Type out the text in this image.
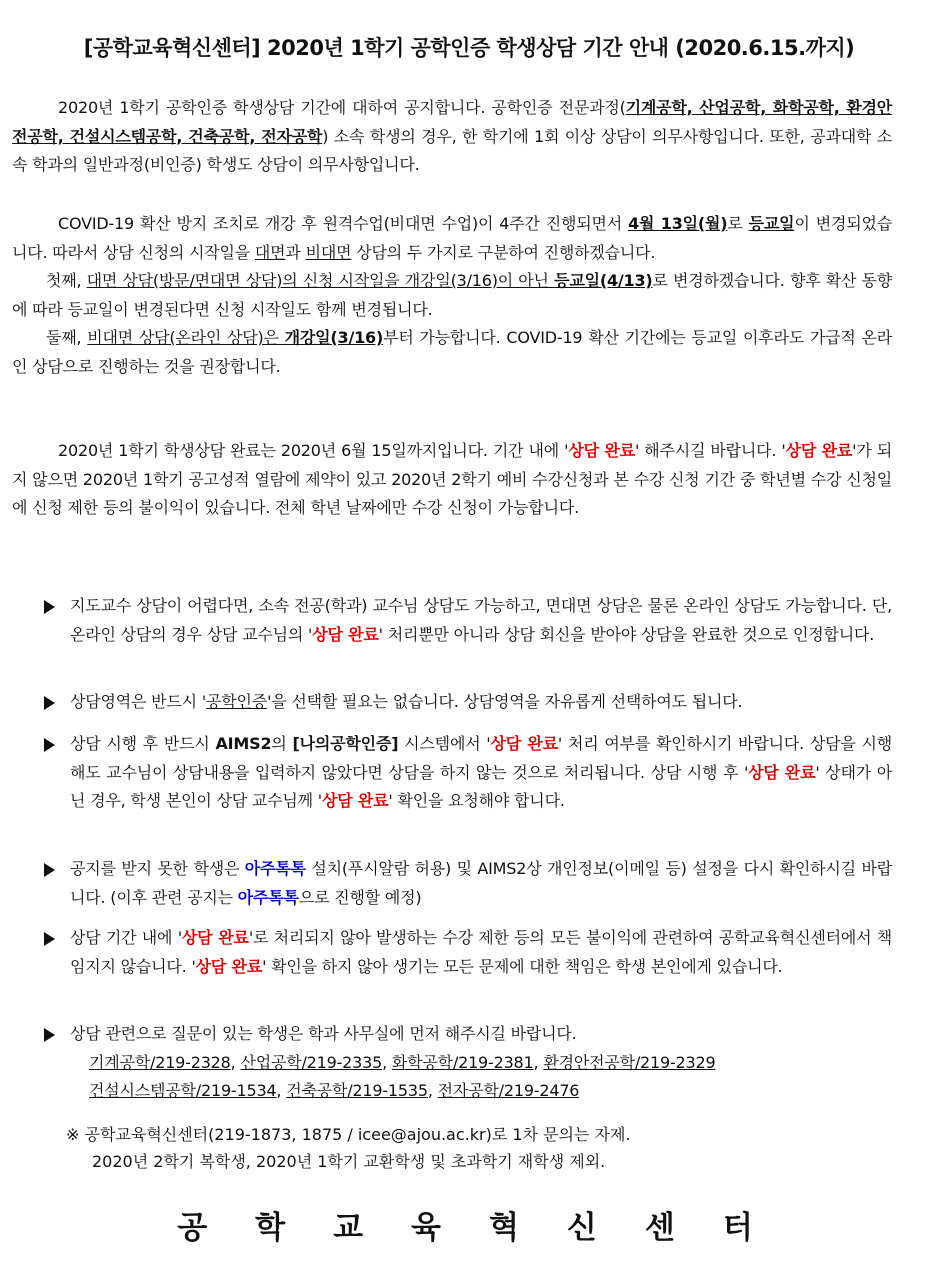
[공학교육혁신센터] 2020년 1학기 공학인증 학생상담 기간 안내 (2020.6.15.까지)

2020년 1학기 공학인증 학생상담 기간에 대하여 공지합니다. 공학인증 전문과정(기계공학, 산업공학, 화학공학, 환경안전공학, 건설시스템공학, 건축공학, 전자공학) 소속 학생의 경우, 한 학기에 1회 이상 상담이 의무사항입니다. 또한, 공과대학 소속 학과의 일반과정(비인증) 학생도 상담이 의무사항입니다.

COVID-19 확산 방지 조치로 개강 후 원격수업(비대면 수업)이 4주간 진행되면서 4월 13일(월)로 등교일이 변경되었습니다. 따라서 상담 신청의 시작일을 대면과 비대면 상담의 두 가지로 구분하여 진행하겠습니다.

첫째, 대면 상담(방문/면대면 상담)의 신청 시작일을 개강일(3/16)이 아닌 등교일(4/13)로 변경하겠습니다. 향후 확산 동향에 따라 등교일이 변경된다면 신청 시작일도 함께 변경됩니다.

둘째, 비대면 상담(온라인 상담)은 개강일(3/16)부터 가능합니다. COVID-19 확산 기간에는 등교일 이후라도 가급적 온라인 상담으로 진행하는 것을 권장합니다.

2020년 1학기 학생상담 완료는 2020년 6월 15일까지입니다. 기간 내에 '상담 완료' 해주시길 바랍니다. '상담 완료'가 되지 않으면 2020년 1학기 공고성적 열람에 제약이 있고 2020년 2학기 예비 수강신청과 본 수강 신청 기간 중 학년별 수강 신청일에 신청 제한 등의 불이익이 있습니다. 전체 학년 날짜에만 수강 신청이 가능합니다.

지도교수 상담이 어렵다면, 소속 전공(학과) 교수님 상담도 가능하고, 면대면 상담은 물론 온라인 상담도 가능합니다. 단, 온라인 상담의 경우 상담 교수님의 '상담 완료' 처리뿐만 아니라 상담 회신을 받아야 상담을 완료한 것으로 인정합니다.
상담영역은 반드시 '공학인증'을 선택할 필요는 없습니다. 상담영역을 자유롭게 선택하여도 됩니다.
상담 시행 후 반드시 AIMS2의 [나의공학인증] 시스템에서 '상담 완료' 처리 여부를 확인하시기 바랍니다. 상담을 시행해도 교수님이 상담내용을 입력하지 않았다면 상담을 하지 않는 것으로 처리됩니다. 상담 시행 후 '상담 완료' 상태가 아닌 경우, 학생 본인이 상담 교수님께 '상담 완료' 확인을 요청해야 합니다.
공지를 받지 못한 학생은 아주톡톡 설치(푸시알람 허용) 및 AIMS2상 개인정보(이메일 등) 설정을 다시 확인하시길 바랍니다. (이후 관련 공지는 아주톡톡으로 진행할 예정)
상담 기간 내에 '상담 완료'로 처리되지 않아 발생하는 수강 제한 등의 모든 불이익에 관련하여 공학교육혁신센터에서 책임지지 않습니다. '상담 완료' 확인을 하지 않아 생기는 모든 문제에 대한 책임은 학생 본인에게 있습니다.
상담 관련으로 질문이 있는 학생은 학과 사무실에 먼저 해주시길 바랍니다.
기계공학/219-2328, 산업공학/219-2335, 화학공학/219-2381, 환경안전공학/219-2329
건설시스템공학/219-1534, 건축공학/219-1535, 전자공학/219-2476
※ 공학교육혁신센터(219-1873, 1875 / icee@ajou.ac.kr)로 1차 문의는 자제.
2020년 2학기 복학생, 2020년 1학기 교환학생 및 초과학기 재학생 제외.
공학교육혁신센터
